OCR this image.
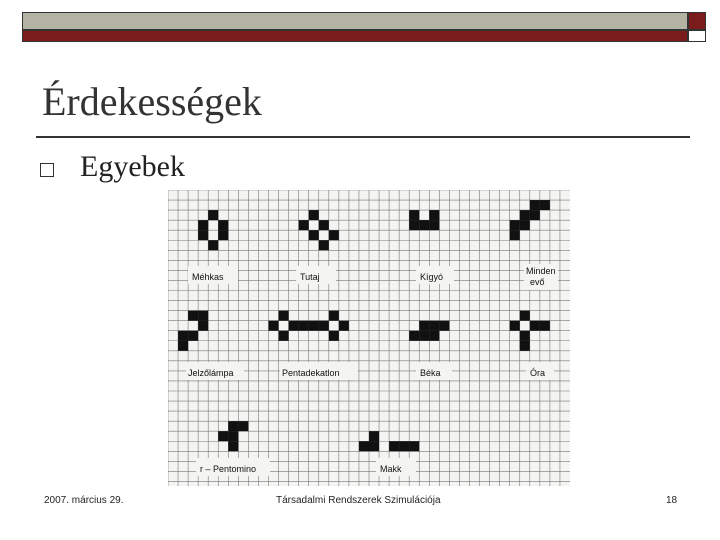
Érdekességek
Egyebek
Méhkas	Tutaj	Kígyó
Minden
evő
Jelzőlámpa	Pentadekatlon	Béka	Óra
r – Pentomino	Makk
2007. március 29.	Társadalmi Rendszerek Szimulációja	18
